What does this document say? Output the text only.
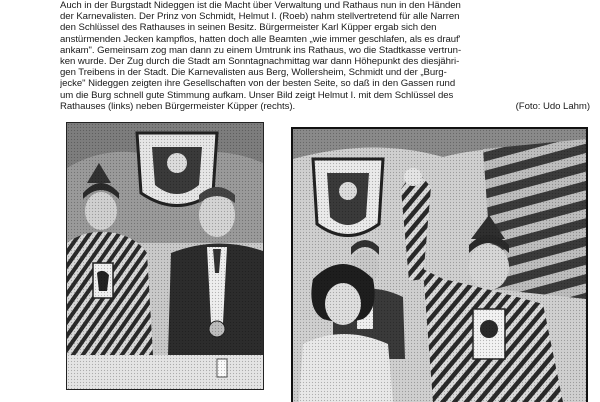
Auch in der Burgstadt Nideggen ist die Macht über Verwaltung und Rathaus nun in den Händen
der Karnevalisten. Der Prinz von Schmidt, Helmut I. (Roeb) nahm stellvertretend für alle Narren
den Schlüssel des Rathauses in seinen Besitz. Bürgermeister Karl Küpper ergab sich den
anstürmenden Jecken kampflos, hatten doch alle Beamten „wie immer geschlafen, als es drauf'
ankam". Gemeinsam zog man dann zu einem Umtrunk ins Rathaus, wo die Stadtkasse vertrun-
ken wurde. Der Zug durch die Stadt am Sonntagnachmittag war dann Höhepunkt des diesjähri-
gen Treibens in der Stadt. Die Karnevalisten aus Berg, Wollersheim, Schmidt und der „Burg-
jecke" Nideggen zeigten ihre Gesellschaften von der besten Seite, so daß in den Gassen rund
um die Burg schnell gute Stimmung aufkam. Unser Bild zeigt Helmut I. mit dem Schlüssel des
Rathauses (links) neben Bürgermeister Küpper (rechts).	(Foto: Udo Lahm)
